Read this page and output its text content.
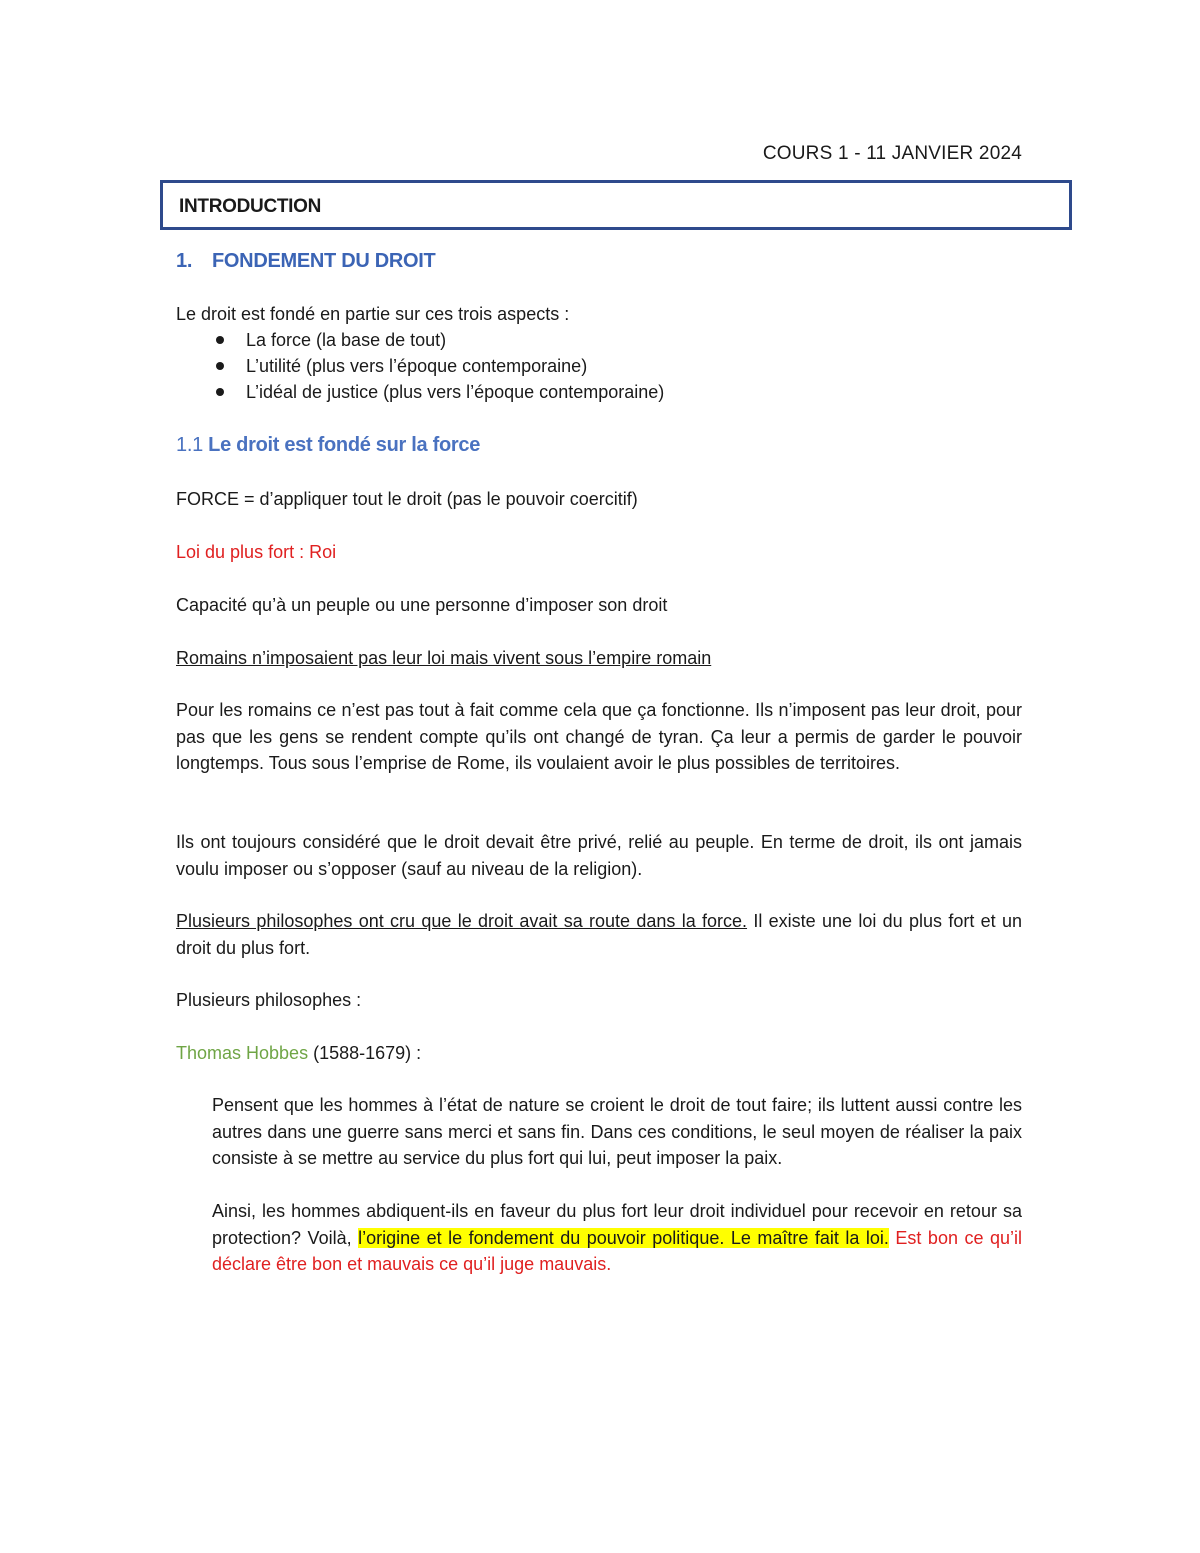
COURS 1 - 11 JANVIER 2024
INTRODUCTION
1. FONDEMENT DU DROIT
Le droit est fondé en partie sur ces trois aspects :
La force (la base de tout)
L’utilité (plus vers l’époque contemporaine)
L’idéal de justice (plus vers l’époque contemporaine)
1.1 Le droit est fondé sur la force
FORCE = d’appliquer tout le droit (pas le pouvoir coercitif)
Loi du plus fort : Roi
Capacité qu’à un peuple ou une personne d’imposer son droit
Romains n’imposaient pas leur loi mais vivent sous l’empire romain
Pour les romains ce n’est pas tout à fait comme cela que ça fonctionne. Ils n’imposent pas leur droit, pour pas que les gens se rendent compte qu’ils ont changé de tyran. Ça leur a permis de garder le pouvoir longtemps. Tous sous l’emprise de Rome, ils voulaient avoir le plus possibles de territoires.
Ils ont toujours considéré que le droit devait être privé, relié au peuple. En terme de droit, ils ont jamais voulu imposer ou s’opposer (sauf au niveau de la religion).
Plusieurs philosophes ont cru que le droit avait sa route dans la force. Il existe une loi du plus fort et un droit du plus fort.
Plusieurs philosophes :
Thomas Hobbes (1588-1679) :
Pensent que les hommes à l’état de nature se croient le droit de tout faire; ils luttent aussi contre les autres dans une guerre sans merci et sans fin. Dans ces conditions, le seul moyen de réaliser la paix consiste à se mettre au service du plus fort qui lui, peut imposer la paix.
Ainsi, les hommes abdiquent-ils en faveur du plus fort leur droit individuel pour recevoir en retour sa protection? Voilà, l’origine et le fondement du pouvoir politique. Le maître fait la loi. Est bon ce qu’il déclare être bon et mauvais ce qu’il juge mauvais.
